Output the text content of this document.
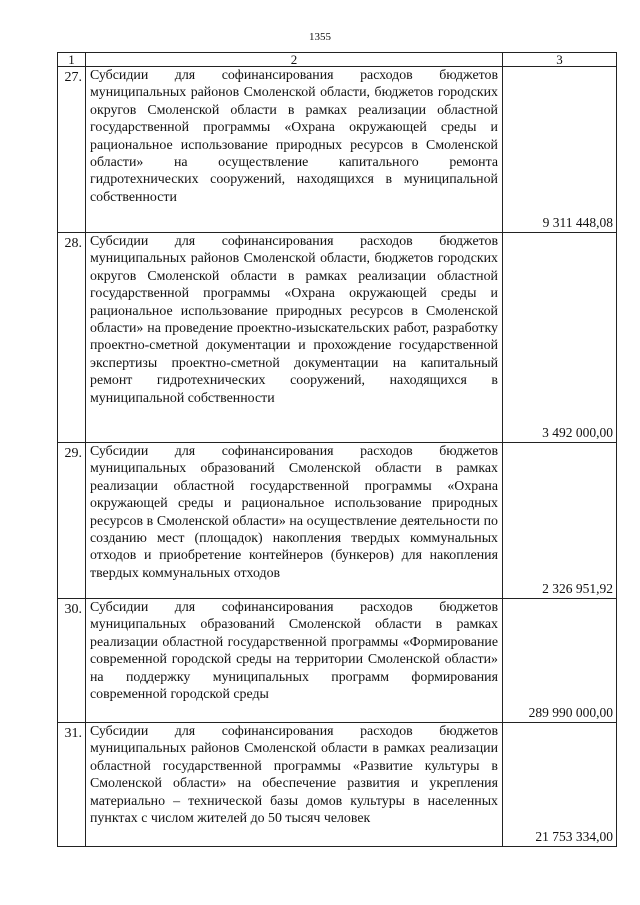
1355
1	2	3
27.	Субсидии для софинансирования расходов бюджетов муниципальных районов Смоленской области, бюджетов городских округов Смоленской области в рамках реализации областной государственной программы «Охрана окружающей среды и рациональное использование природных ресурсов в Смоленской области» на осуществление капитального ремонта гидротехнических сооружений, находящихся в муниципальной собственности	9 311 448,08
28.	Субсидии для софинансирования расходов бюджетов муниципальных районов Смоленской области, бюджетов городских округов Смоленской области в рамках реализации областной государственной программы «Охрана окружающей среды и рациональное использование природных ресурсов в Смоленской области» на проведение проектно-изыскательских работ, разработку проектно-сметной документации и прохождение государственной экспертизы проектно-сметной документации на капитальный ремонт гидротехнических сооружений, находящихся в муниципальной собственности	3 492 000,00
29.	Субсидии для софинансирования расходов бюджетов муниципальных образований Смоленской области в рамках реализации областной государственной программы «Охрана окружающей среды и рациональное использование природных ресурсов в Смоленской области» на осуществление деятельности по созданию мест (площадок) накопления твердых коммунальных отходов и приобретение контейнеров (бункеров) для накопления твердых коммунальных отходов	2 326 951,92
30.	Субсидии для софинансирования расходов бюджетов муниципальных образований Смоленской области в рамках реализации областной государственной программы «Формирование современной городской среды на территории Смоленской области» на поддержку муниципальных программ формирования современной городской среды	289 990 000,00
31.	Субсидии для софинансирования расходов бюджетов муниципальных районов Смоленской области в рамках реализации областной государственной программы «Развитие культуры в Смоленской области» на обеспечение развития и укрепления материально – технической базы домов культуры в населенных пунктах с числом жителей до 50 тысяч человек	21 753 334,00
